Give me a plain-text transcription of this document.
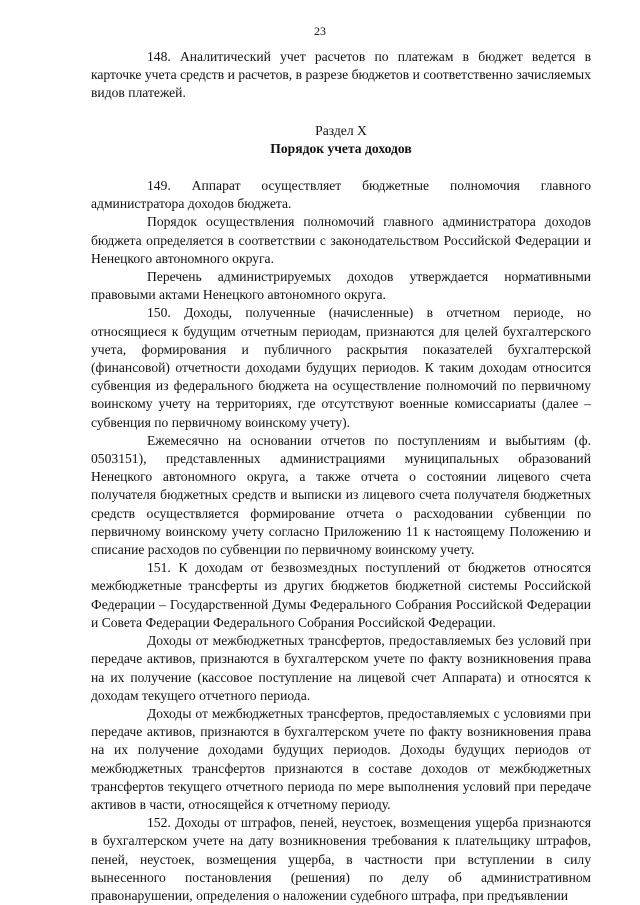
23

148. Аналитический учет расчетов по платежам в бюджет ведется в карточке учета средств и расчетов, в разрезе бюджетов и соответственно зачисляемых видов платежей.

Раздел X

Порядок учета доходов

149. Аппарат осуществляет бюджетные полномочия главного администратора доходов бюджета.

Порядок осуществления полномочий главного администратора доходов бюджета определяется в соответствии с законодательством Российской Федерации и Ненецкого автономного округа.

Перечень администрируемых доходов утверждается нормативными правовыми актами Ненецкого автономного округа.

150. Доходы, полученные (начисленные) в отчетном периоде, но относящиеся к будущим отчетным периодам, признаются для целей бухгалтерского учета, формирования и публичного раскрытия показателей бухгалтерской (финансовой) отчетности доходами будущих периодов. К таким доходам относится субвенция из федерального бюджета на осуществление полномочий по первичному воинскому учету на территориях, где отсутствуют военные комиссариаты (далее – субвенция по первичному воинскому учету).

Ежемесячно на основании отчетов по поступлениям и выбытиям (ф. 0503151), представленных администрациями муниципальных образований Ненецкого автономного округа, а также отчета о состоянии лицевого счета получателя бюджетных средств и выписки из лицевого счета получателя бюджетных средств осуществляется формирование отчета о расходовании субвенции по первичному воинскому учету согласно Приложению 11 к настоящему Положению и списание расходов по субвенции по первичному воинскому учету.

151. К доходам от безвозмездных поступлений от бюджетов относятся межбюджетные трансферты из других бюджетов бюджетной системы Российской Федерации – Государственной Думы Федерального Собрания Российской Федерации и Совета Федерации Федерального Собрания Российской Федерации.

Доходы от межбюджетных трансфертов, предоставляемых без условий при передаче активов, признаются в бухгалтерском учете по факту возникновения права на их получение (кассовое поступление на лицевой счет Аппарата) и относятся к доходам текущего отчетного периода.

Доходы от межбюджетных трансфертов, предоставляемых с условиями при передаче активов, признаются в бухгалтерском учете по факту возникновения права на их получение доходами будущих периодов. Доходы будущих периодов от межбюджетных трансфертов признаются в составе доходов от межбюджетных трансфертов текущего отчетного периода по мере выполнения условий при передаче активов в части, относящейся к отчетному периоду.

152. Доходы от штрафов, пеней, неустоек, возмещения ущерба признаются в бухгалтерском учете на дату возникновения требования к плательщику штрафов, пеней, неустоек, возмещения ущерба, в частности при вступлении в силу вынесенного постановления (решения) по делу об административном правонарушении, определения о наложении судебного штрафа, при предъявлении
